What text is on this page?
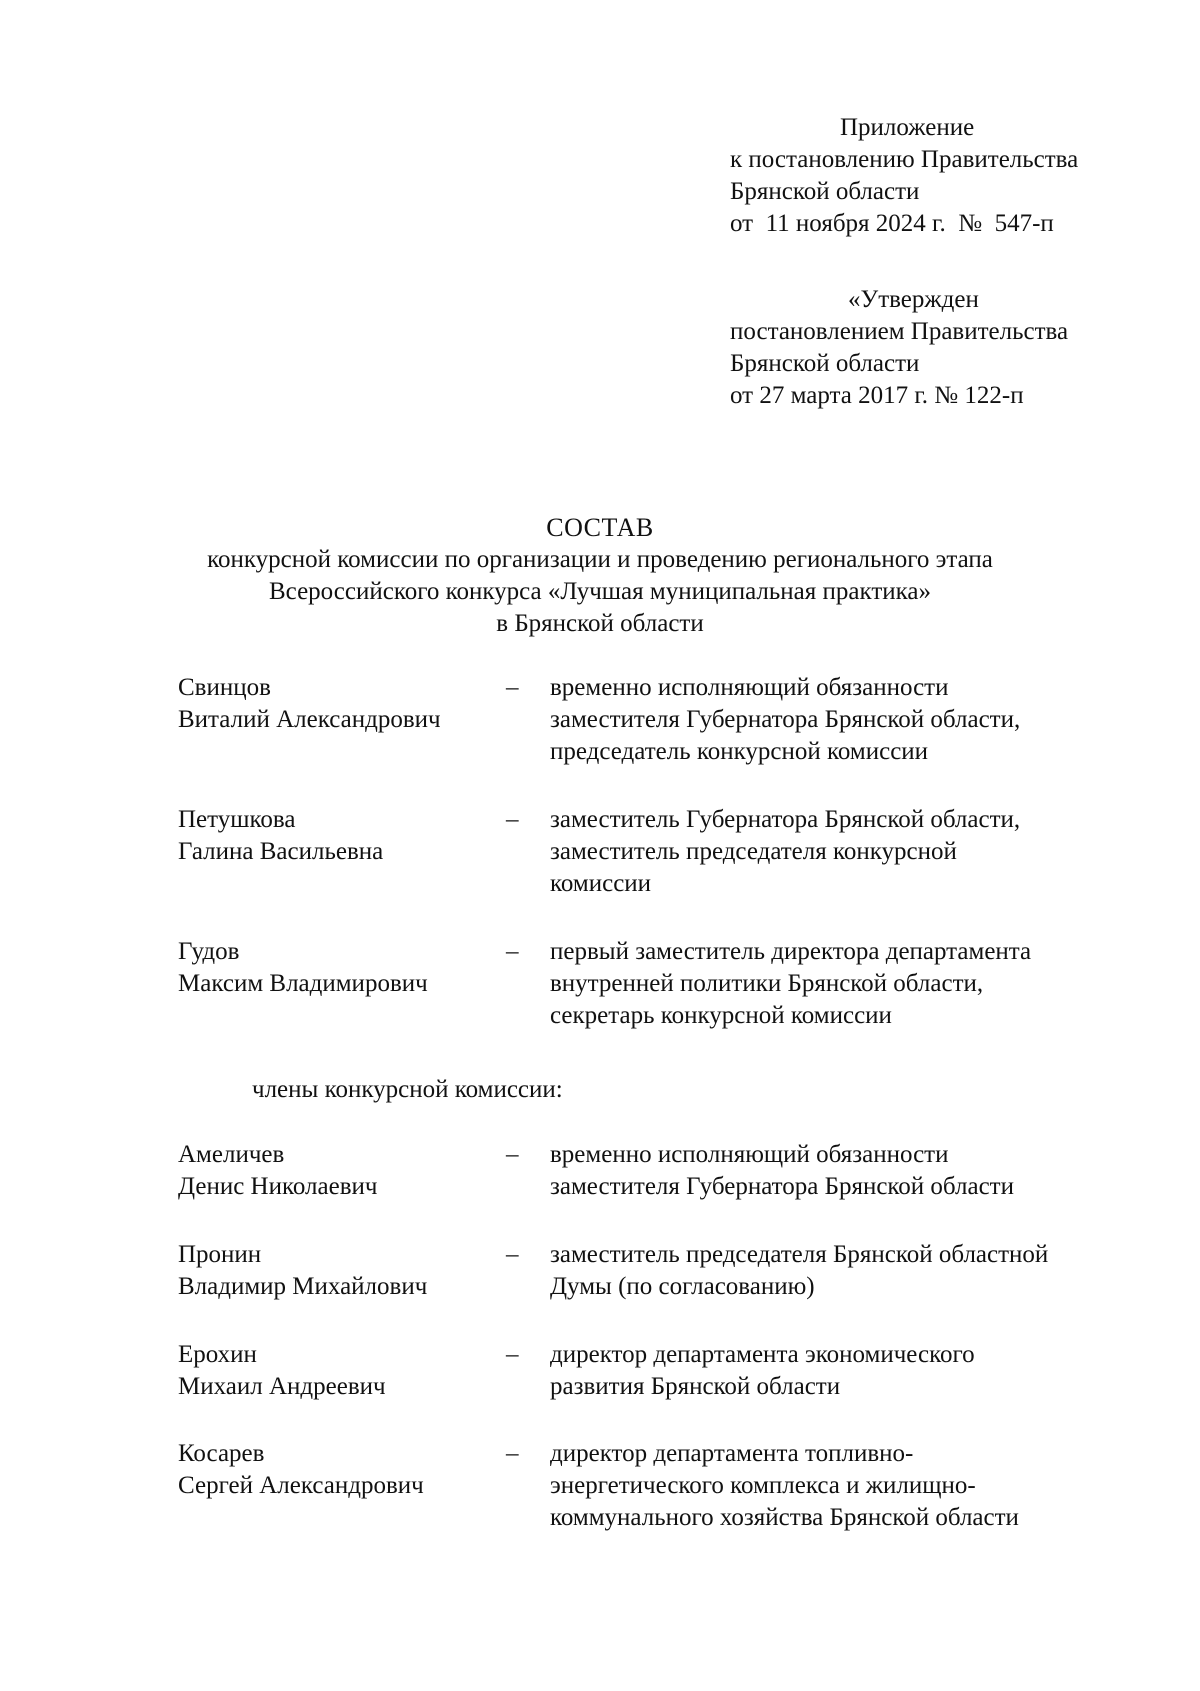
Приложение
к постановлению Правительства
Брянской области
от  11 ноября 2024 г.  №  547-п
«Утвержден
постановлением Правительства
Брянской области
от 27 марта 2017 г. № 122-п
СОСТАВ
конкурсной комиссии по организации и проведению регионального этапа
Всероссийского конкурса «Лучшая муниципальная практика»
в Брянской области
Свинцов
Виталий Александрович
– временно исполняющий обязанности
заместителя Губернатора Брянской области,
председатель конкурсной комиссии
Петушкова
Галина Васильевна
– заместитель Губернатора Брянской области,
заместитель председателя конкурсной
комиссии
Гудов
Максим Владимирович
– первый заместитель директора департамента
внутренней политики Брянской области,
секретарь конкурсной комиссии
члены конкурсной комиссии:
Амеличев
Денис Николаевич
– временно исполняющий обязанности
заместителя Губернатора Брянской области
Пронин
Владимир Михайлович
– заместитель председателя Брянской областной
Думы (по согласованию)
Ерохин
Михаил Андреевич
– директор департамента экономического
развития Брянской области
Косарев
Сергей Александрович
– директор департамента топливно-
энергетического комплекса и жилищно-
коммунального хозяйства Брянской области
